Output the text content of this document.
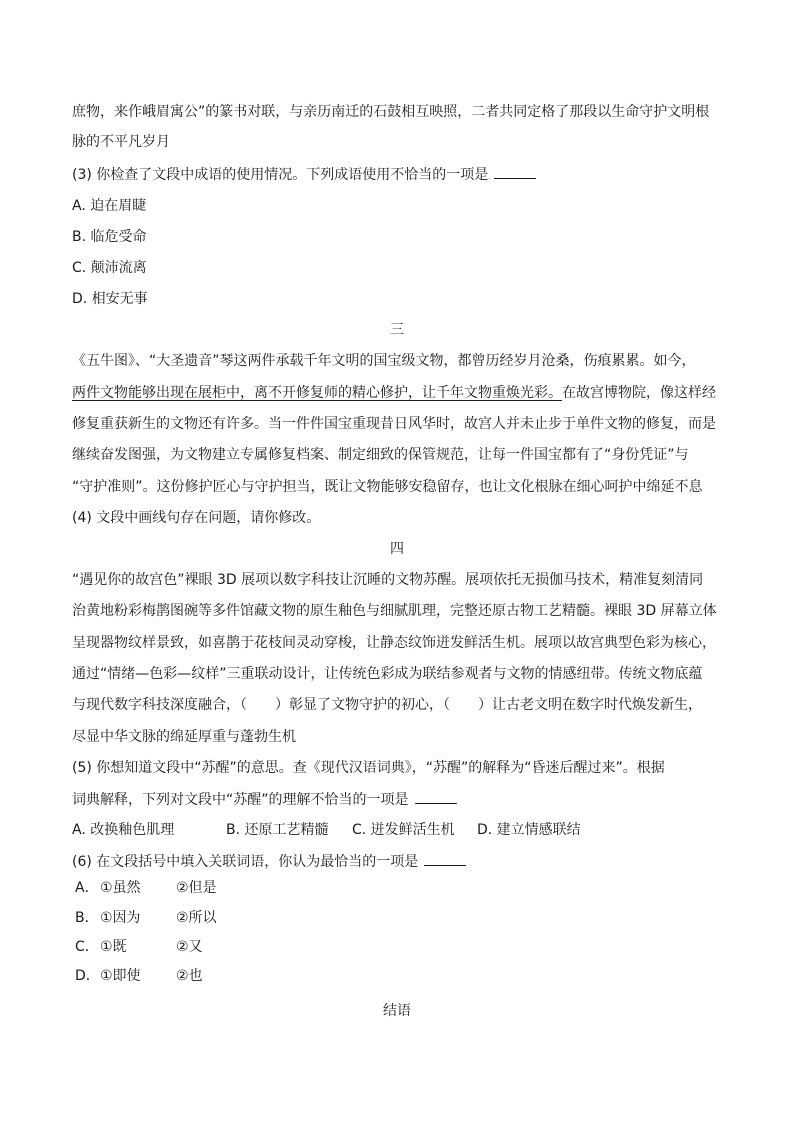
庶物，来作峨眉寓公”的篆书对联，与亲历南迁的石鼓相互映照，二者共同定格了那段以生命守护文明根
脉的不平凡岁月
(3) 你检查了文段中成语的使用情况。下列成语使用不恰当的一项是
A. 迫在眉睫
B. 临危受命
C. 颠沛流离
D. 相安无事
三
《五牛图》、“大圣遗音”琴这两件承载千年文明的国宝级文物，都曾历经岁月沧桑，伤痕累累。如今，
两件文物能够出现在展柜中，离不开修复师的精心修护，让千年文物重焕光彩。在故宫博物院，像这样经
修复重获新生的文物还有许多。当一件件国宝重现昔日风华时，故宫人并未止步于单件文物的修复，而是
继续奋发图强，为文物建立专属修复档案、制定细致的保管规范，让每一件国宝都有了“身份凭证”与
“守护准则”。这份修护匠心与守护担当，既让文物能够安稳留存，也让文化根脉在细心呵护中绵延不息
(4) 文段中画线句存在问题，请你修改。
四
“遇见你的故宫色”裸眼 3D 展项以数字科技让沉睡的文物苏醒。展项依托无损伽马技术，精准复刻清同
治黄地粉彩梅鹊图碗等多件馆藏文物的原生釉色与细腻肌理，完整还原古物工艺精髓。裸眼 3D 屏幕立体
呈现器物纹样景致，如喜鹊于花枝间灵动穿梭，让静态纹饰迸发鲜活生机。展项以故宫典型色彩为核心，
通过“情绪—色彩—纹样”三重联动设计，让传统色彩成为联结参观者与文物的情感纽带。传统文物底蕴
与现代数字科技深度融合，（　　）彰显了文物守护的初心，（　　）让古老文明在数字时代焕发新生，
尽显中华文脉的绵延厚重与蓬勃生机
(5) 你想知道文段中“苏醒”的意思。查《现代汉语词典》，“苏醒”的解释为“昏迷后醒过来”。根据
词典解释，下列对文段中“苏醒”的理解不恰当的一项是
A. 改换釉色肌理	B. 还原工艺精髓 C. 迸发鲜活生机 D. 建立情感联结
(6) 在文段括号中填入关联词语，你认为最恰当的一项是
A． ①虽然	②但是
B． ①因为	②所以
C． ①既	②又
D． ①即使	②也
结语
